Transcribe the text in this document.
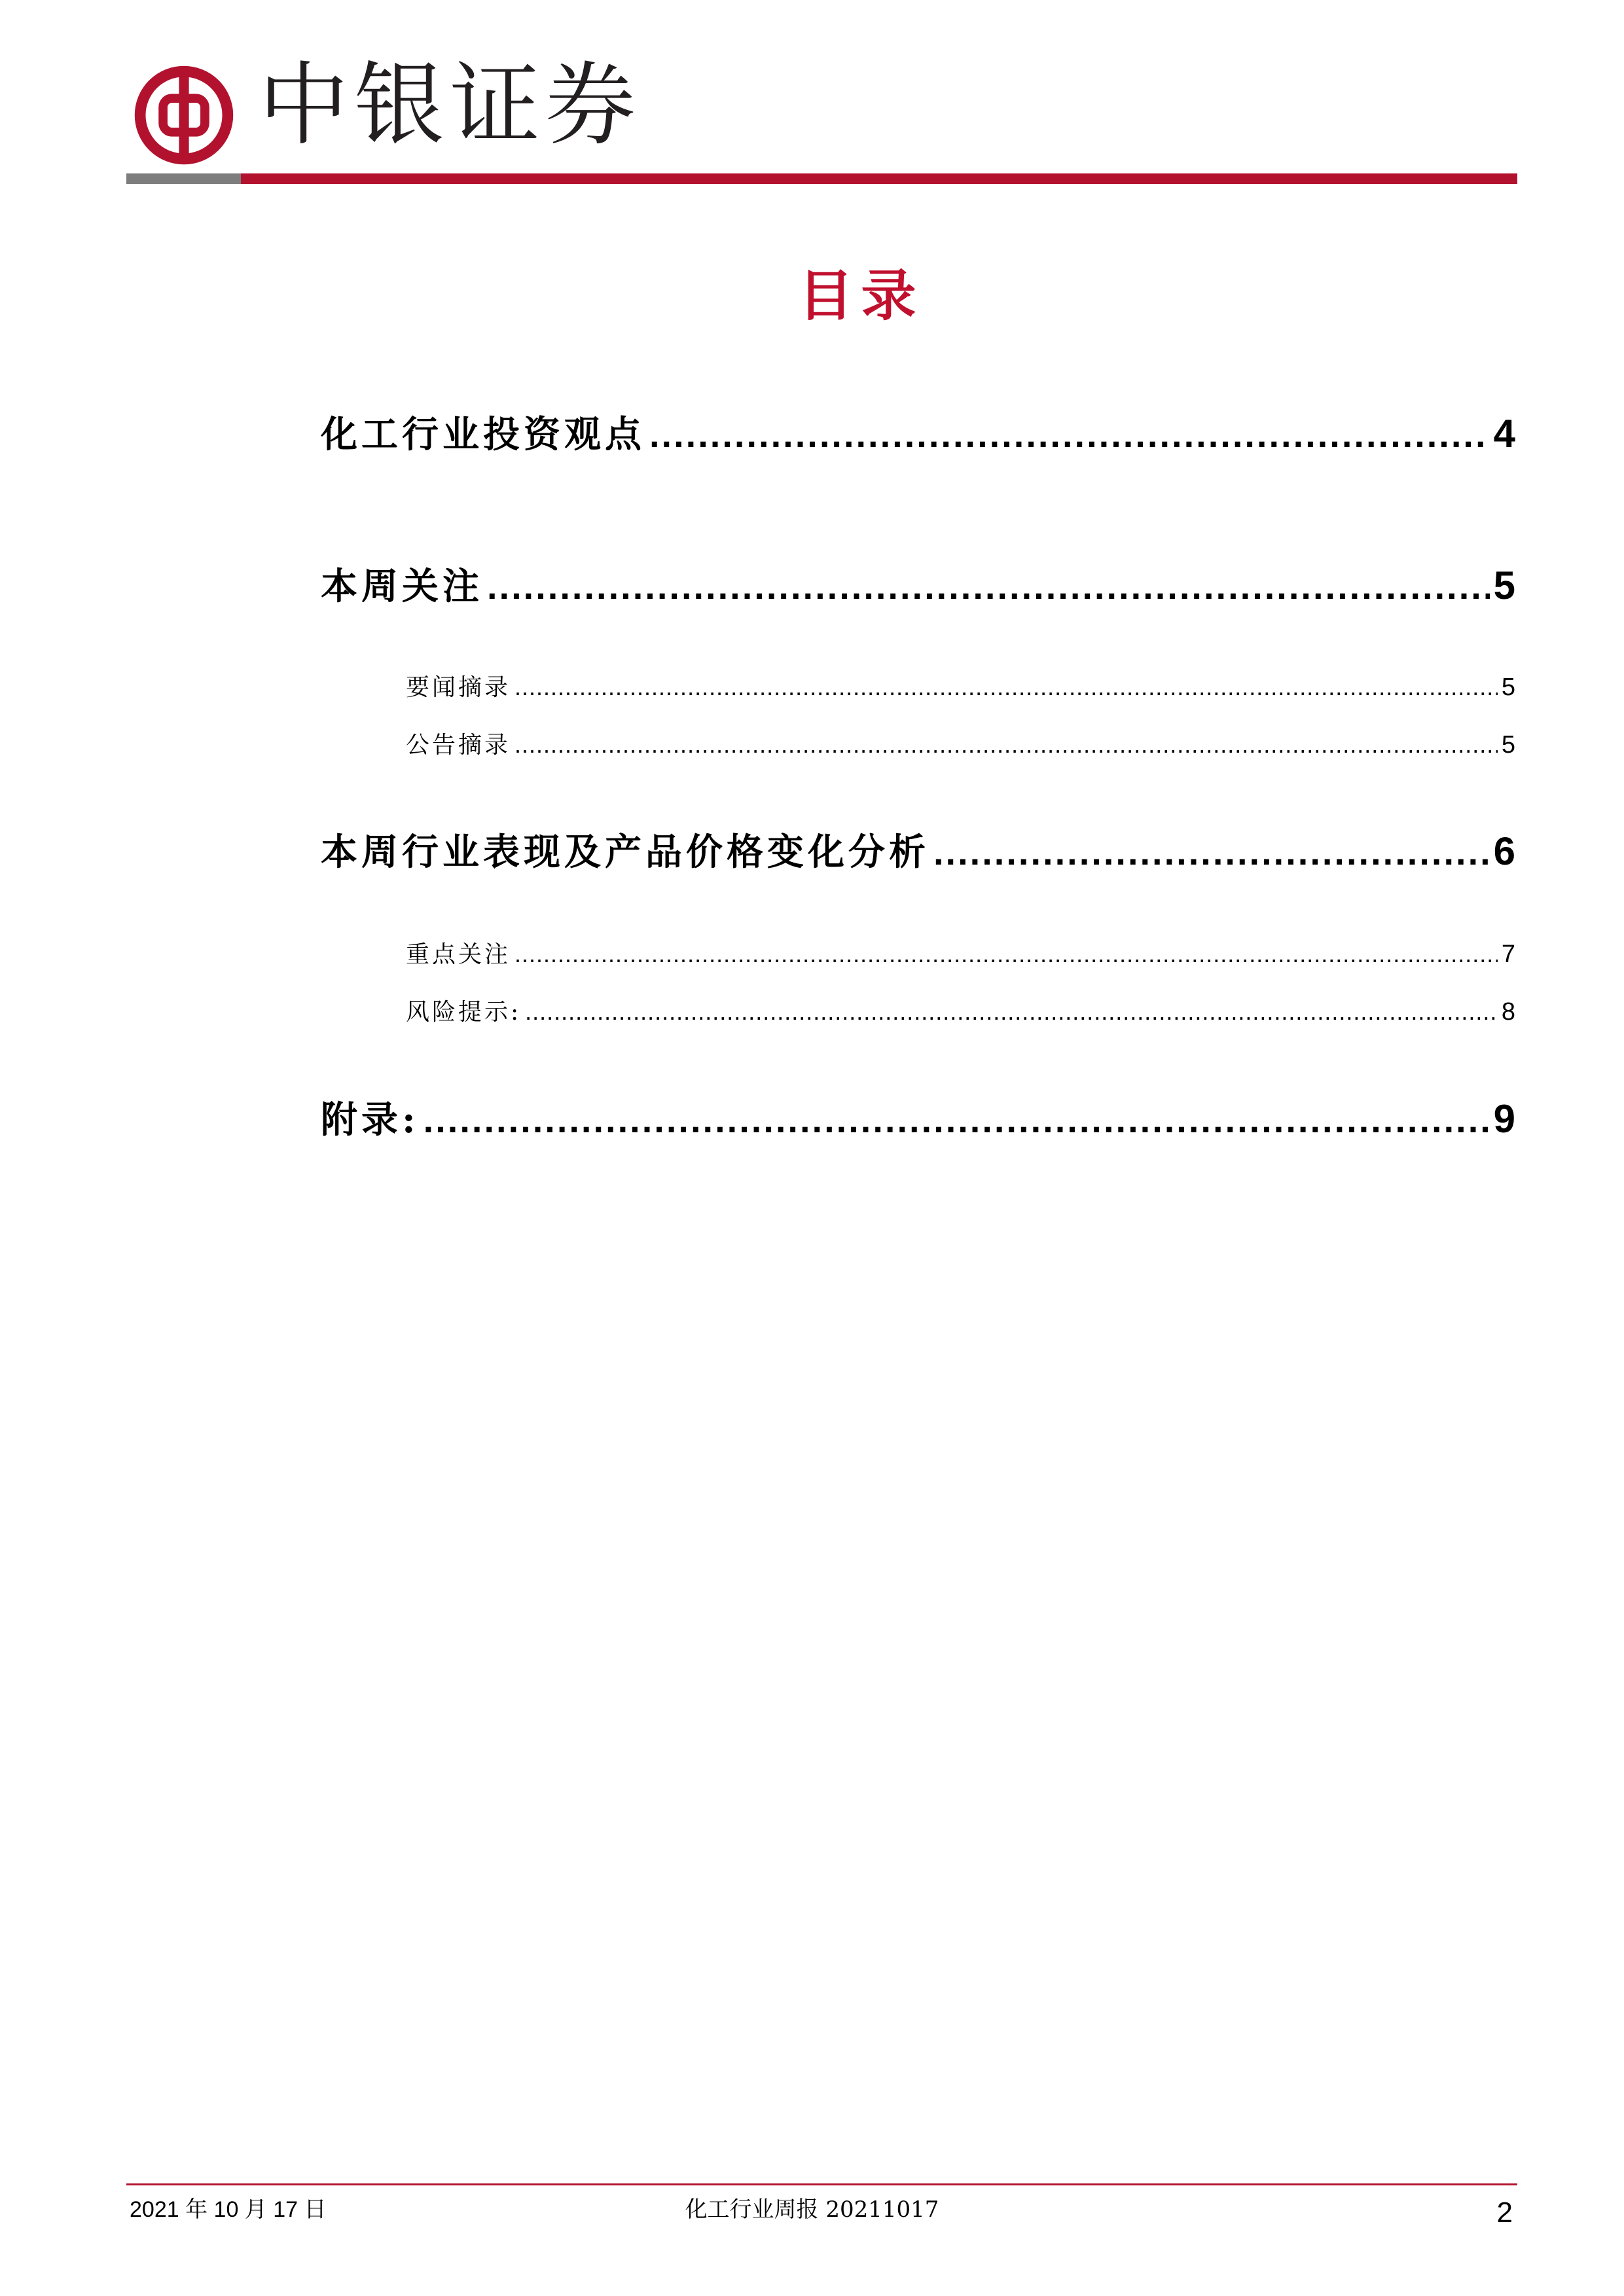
中银证券
目录
化工行业投资观点 .....	4
本周关注 .....	5
要闻摘录 .....	5
公告摘录 .....	5
本周行业表现及产品价格变化分析 .....	6
重点关注 .....	7
风险提示: .....	8
附录: .....	9
2021 年 10 月 17 日	化工行业周报 20211017	2
